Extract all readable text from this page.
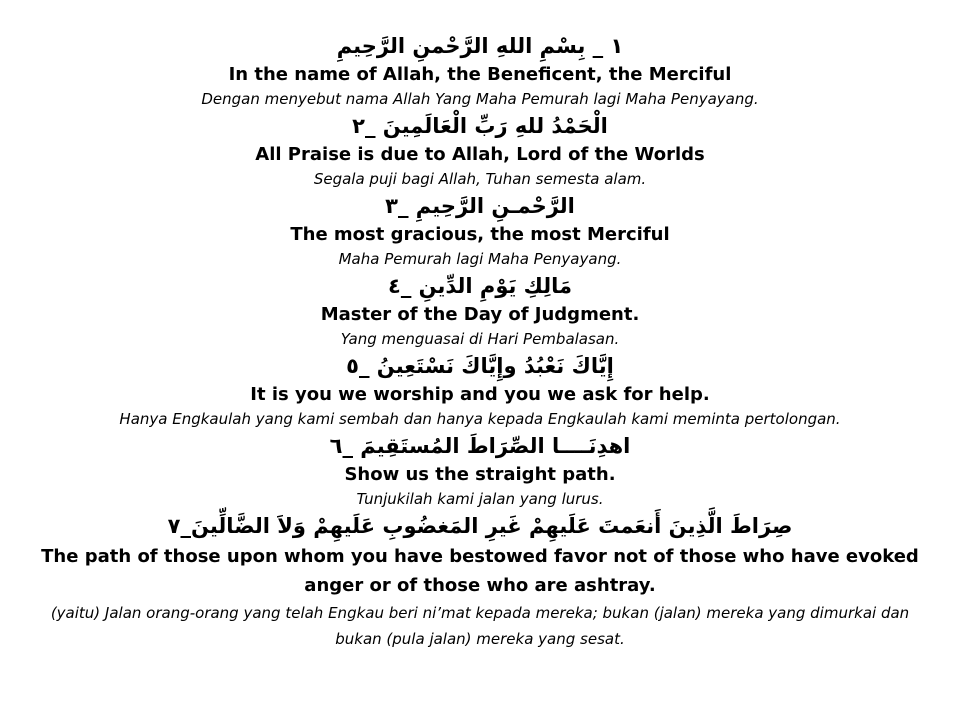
١ _ بِسْمِ اللهِ الرَّحْمنِ الرَّحِيمِ
In the name of Allah, the Beneficent, the Merciful
Dengan menyebut nama Allah Yang Maha Pemurah lagi Maha Penyayang.
الْحَمْدُ للهِ رَبِّ الْعَالَمِينَ _٢
All Praise is due to Allah, Lord of the Worlds
Segala puji bagi Allah, Tuhan semesta alam.
الرَّحْمـنِ الرَّحِيمِ _٣
The most gracious, the most Merciful
Maha Pemurah lagi Maha Penyayang.
مَالِكِ يَوْمِ الدِّينِ _٤
Master of the Day of Judgment.
Yang menguasai di Hari Pembalasan.
إِيَّاكَ نَعْبُدُ وإِيَّاكَ نَسْتَعِينُ _٥
It is you we worship and you we ask for help.
Hanya Engkaulah yang kami sembah dan hanya kepada Engkaulah kami meminta pertolongan.
اهدِنَــــا الصِّرَاطَ المُستَقِيمَ _٦
Show us the straight path.
Tunjukilah kami jalan yang lurus.
صِرَاطَ الَّذِينَ أَنعَمتَ عَلَيهِمْ غَيرِ المَغضُوبِ عَلَيهِمْ وَلاَ الضَّالِّينَ_٧
The path of those upon whom you have bestowed favor not of those who have evoked anger or of those who are ashtray.
(yaitu) Jalan orang-orang yang telah Engkau beri ni’mat kepada mereka; bukan (jalan) mereka yang dimurkai dan bukan (pula jalan) mereka yang sesat.
